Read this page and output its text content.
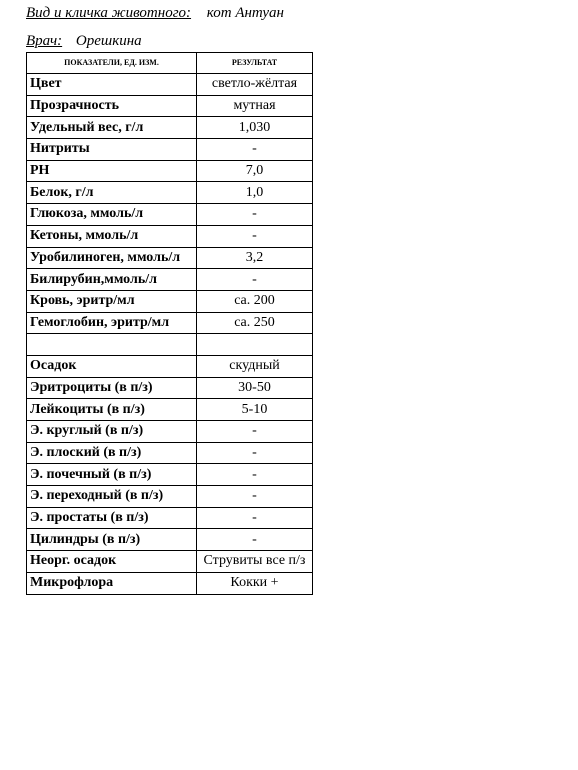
Вид и кличка животного: кот Антуан
Врач: Орешкина
ПОКАЗАТЕЛИ, ЕД. ИЗМ.	РЕЗУЛЬТАТ
Цвет	светло-жёлтая
Прозрачность	мутная
Удельный вес, г/л	1,030
Нитриты	-
PH	7,0
Белок, г/л	1,0
Глюкоза, ммоль/л	-
Кетоны, ммоль/л	-
Уробилиноген, ммоль/л	3,2
Билирубин,ммоль/л	-
Кровь, эритр/мл	ca. 200
Гемоглобин, эритр/мл	ca. 250

Осадок	скудный
Эритроциты (в п/з)	30-50
Лейкоциты (в п/з)	5-10
Э. круглый (в п/з)	-
Э. плоский (в п/з)	-
Э. почечный (в п/з)	-
Э. переходный (в п/з)	-
Э. простаты (в п/з)	-
Цилиндры (в п/з)	-
Неорг. осадок	Струвиты все п/з
Микрофлора	Кокки +
